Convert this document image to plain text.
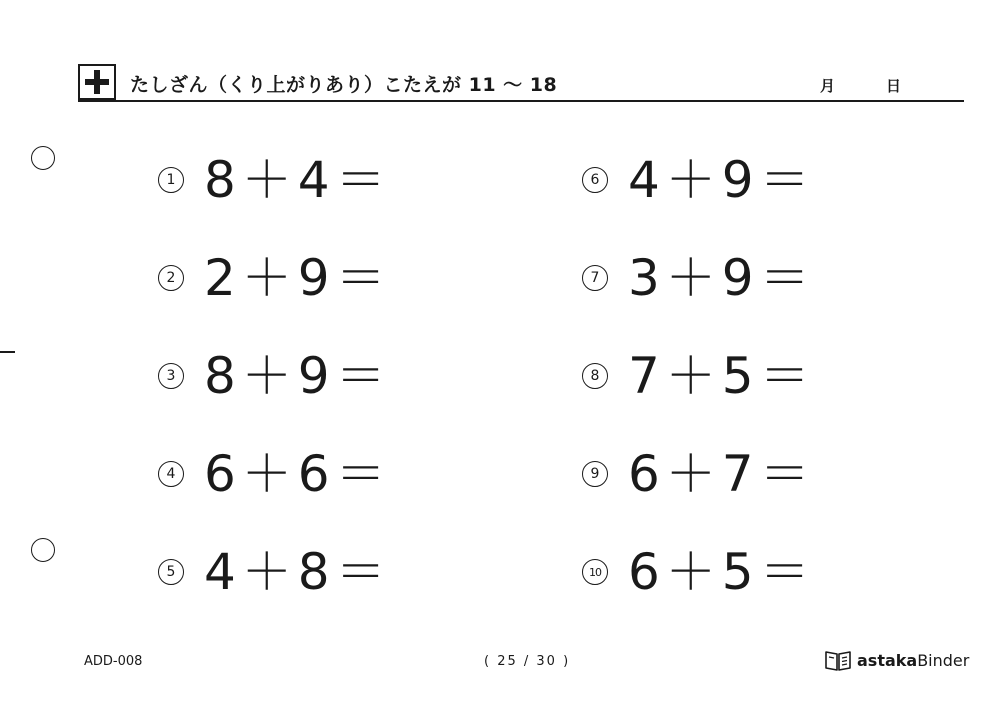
たしざん（くり上がりあり）こたえが 11 〜 18	月	日
1 8＋4＝
2 2＋9＝
3 8＋9＝
4 6＋6＝
5 4＋8＝
6 4＋9＝
7 3＋9＝
8 7＋5＝
9 6＋7＝
10 6＋5＝
ADD-008	( 25 / 30 )	astakaBinder
